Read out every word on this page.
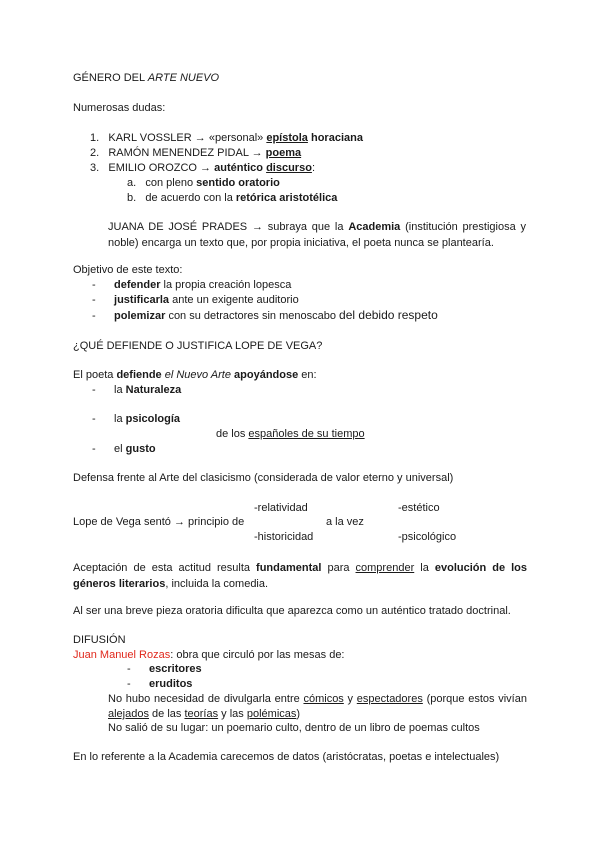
GÉNERO DEL ARTE NUEVO
Numerosas dudas:
1. KARL VOSSLER → «personal» epístola horaciana
2. RAMÓN MENENDEZ PIDAL → poema
3. EMILIO OROZCO → auténtico discurso:
a. con pleno sentido oratorio
b. de acuerdo con la retórica aristotélica
JUANA DE JOSÉ PRADES → subraya que la Academia (institución prestigiosa y noble) encarga un texto que, por propia iniciativa, el poeta nunca se plantearía.
Objetivo de este texto:
- defender la propia creación lopesca
- justificarla ante un exigente auditorio
- polemizar con su detractores sin menoscabo del debido respeto
¿QUÉ DEFIENDE O JUSTIFICA LOPE DE VEGA?
El poeta defiende el Nuevo Arte apoyándose en:
- la Naturaleza
- la psicología
de los españoles de su tiempo
- el gusto
Defensa frente al Arte del clasicismo (considerada de valor eterno y universal)
-relatividad	-estético
Lope de Vega sentó → principio de	a la vez
-historicidad	-psicológico
Aceptación de esta actitud resulta fundamental para comprender la evolución de los géneros literarios, incluida la comedia.
Al ser una breve pieza oratoria dificulta que aparezca como un auténtico tratado doctrinal.
DIFUSIÓN
Juan Manuel Rozas: obra que circuló por las mesas de:
- escritores
- eruditos
No hubo necesidad de divulgarla entre cómicos y espectadores (porque estos vivían alejados de las teorías y las polémicas)
No salió de su lugar: un poemario culto, dentro de un libro de poemas cultos
En lo referente a la Academia carecemos de datos (aristócratas, poetas e intelectuales)
